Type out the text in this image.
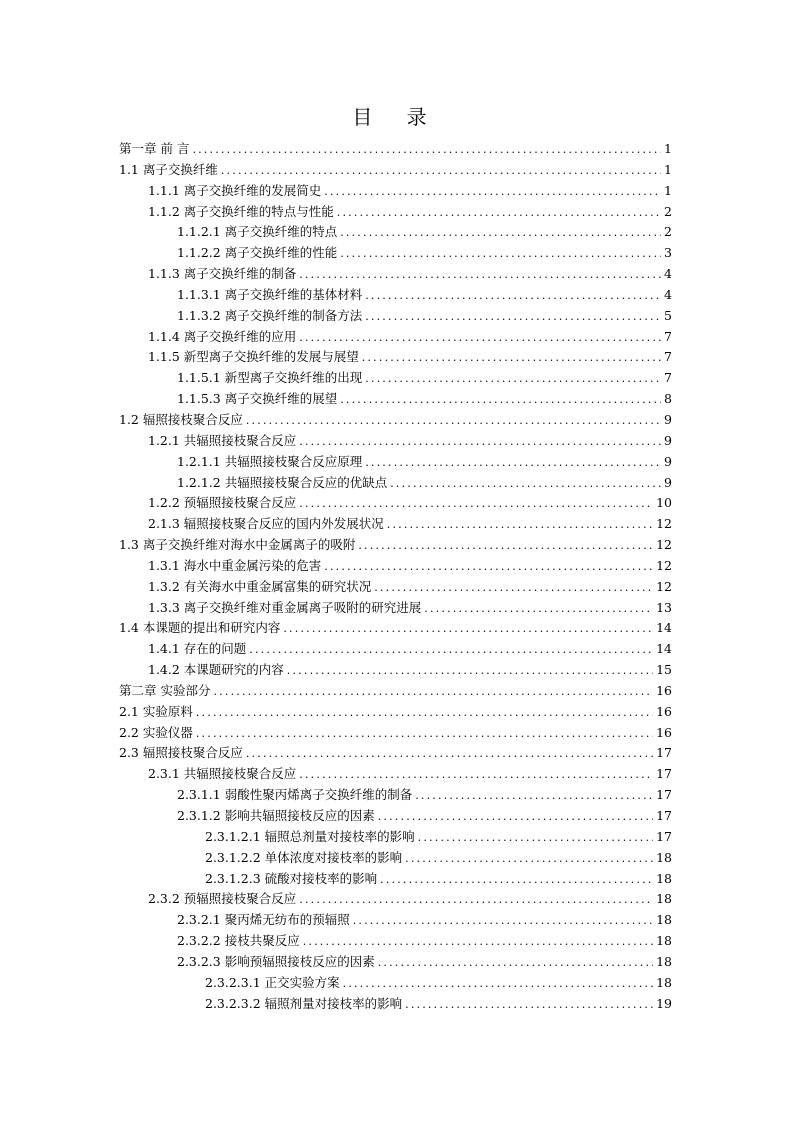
目 录
第一章 前 言 .....	1
1.1 离子交换纤维 .....	1
1.1.1 离子交换纤维的发展简史 .....	1
1.1.2 离子交换纤维的特点与性能 .....	2
1.1.2.1 离子交换纤维的特点 .....	2
1.1.2.2 离子交换纤维的性能 .....	3
1.1.3 离子交换纤维的制备 .....	4
1.1.3.1 离子交换纤维的基体材料 .....	4
1.1.3.2 离子交换纤维的制备方法 .....	5
1.1.4 离子交换纤维的应用 .....	7
1.1.5 新型离子交换纤维的发展与展望 .....	7
1.1.5.1 新型离子交换纤维的出现 .....	7
1.1.5.3 离子交换纤维的展望 .....	8
1.2 辐照接枝聚合反应 .....	9
1.2.1 共辐照接枝聚合反应 .....	9
1.2.1.1 共辐照接枝聚合反应原理 .....	9
1.2.1.2 共辐照接枝聚合反应的优缺点 .....	9
1.2.2 预辐照接枝聚合反应 .....	10
2.1.3 辐照接枝聚合反应的国内外发展状况 .....	12
1.3 离子交换纤维对海水中金属离子的吸附 .....	12
1.3.1 海水中重金属污染的危害 .....	12
1.3.2 有关海水中重金属富集的研究状况 .....	12
1.3.3 离子交换纤维对重金属离子吸附的研究进展 .....	13
1.4 本课题的提出和研究内容 .....	14
1.4.1 存在的问题 .....	14
1.4.2 本课题研究的内容 .....	15
第二章 实验部分 .....	16
2.1 实验原料 .....	16
2.2 实验仪器 .....	16
2.3 辐照接枝聚合反应 .....	17
2.3.1 共辐照接枝聚合反应 .....	17
2.3.1.1 弱酸性聚丙烯离子交换纤维的制备 .....	17
2.3.1.2 影响共辐照接枝反应的因素 .....	17
2.3.1.2.1 辐照总剂量对接枝率的影响 .....	17
2.3.1.2.2 单体浓度对接枝率的影响 .....	18
2.3.1.2.3 硫酸对接枝率的影响 .....	18
2.3.2 预辐照接枝聚合反应 .....	18
2.3.2.1 聚丙烯无纺布的预辐照 .....	18
2.3.2.2 接枝共聚反应 .....	18
2.3.2.3 影响预辐照接枝反应的因素 .....	18
2.3.2.3.1 正交实验方案 .....	18
2.3.2.3.2 辐照剂量对接枝率的影响 .....	19
